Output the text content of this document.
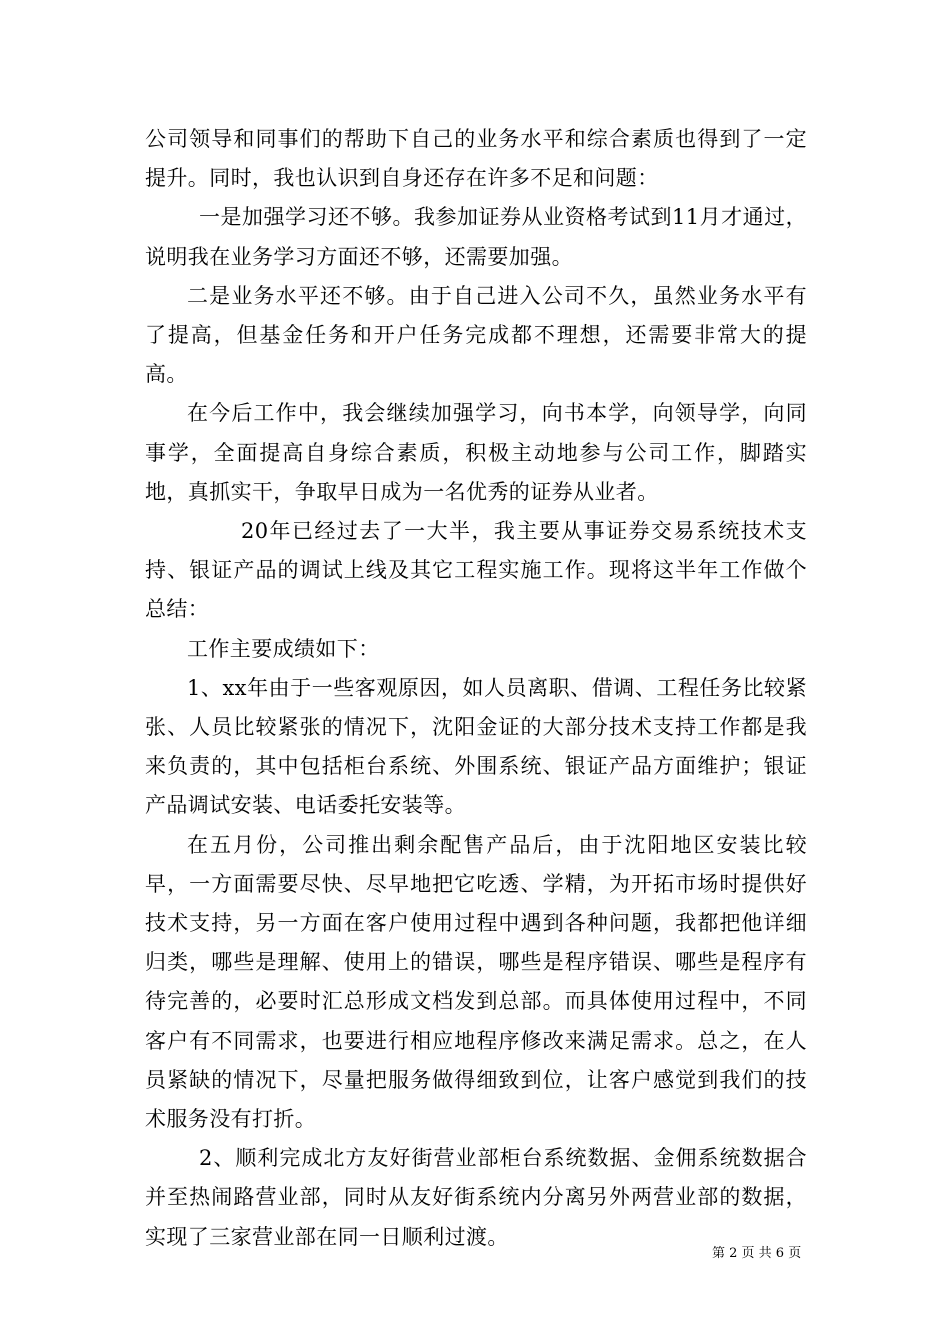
公司领导和同事们的帮助下自己的业务水平和综合素质也得到了一定提升。同时，我也认识到自身还存在许多不足和问题：

一是加强学习还不够。我参加证券从业资格考试到11月才通过，说明我在业务学习方面还不够，还需要加强。

二是业务水平还不够。由于自己进入公司不久，虽然业务水平有了提高，但基金任务和开户任务完成都不理想，还需要非常大的提高。

在今后工作中，我会继续加强学习，向书本学，向领导学，向同事学，全面提高自身综合素质，积极主动地参与公司工作，脚踏实地，真抓实干，争取早日成为一名优秀的证券从业者。

20年已经过去了一大半，我主要从事证券交易系统技术支持、银证产品的调试上线及其它工程实施工作。现将这半年工作做个总结：

工作主要成绩如下：

1、xx年由于一些客观原因，如人员离职、借调、工程任务比较紧张、人员比较紧张的情况下，沈阳金证的大部分技术支持工作都是我来负责的，其中包括柜台系统、外围系统、银证产品方面维护；银证产品调试安装、电话委托安装等。

在五月份，公司推出剩余配售产品后，由于沈阳地区安装比较早，一方面需要尽快、尽早地把它吃透、学精，为开拓市场时提供好技术支持，另一方面在客户使用过程中遇到各种问题，我都把他详细归类，哪些是理解、使用上的错误，哪些是程序错误、哪些是程序有待完善的，必要时汇总形成文档发到总部。而具体使用过程中，不同客户有不同需求，也要进行相应地程序修改来满足需求。总之，在人员紧缺的情况下，尽量把服务做得细致到位，让客户感觉到我们的技术服务没有打折。

2、顺利完成北方友好街营业部柜台系统数据、金佣系统数据合并至热闹路营业部，同时从友好街系统内分离另外两营业部的数据，实现了三家营业部在同一日顺利过渡。

第 2 页 共 6 页
